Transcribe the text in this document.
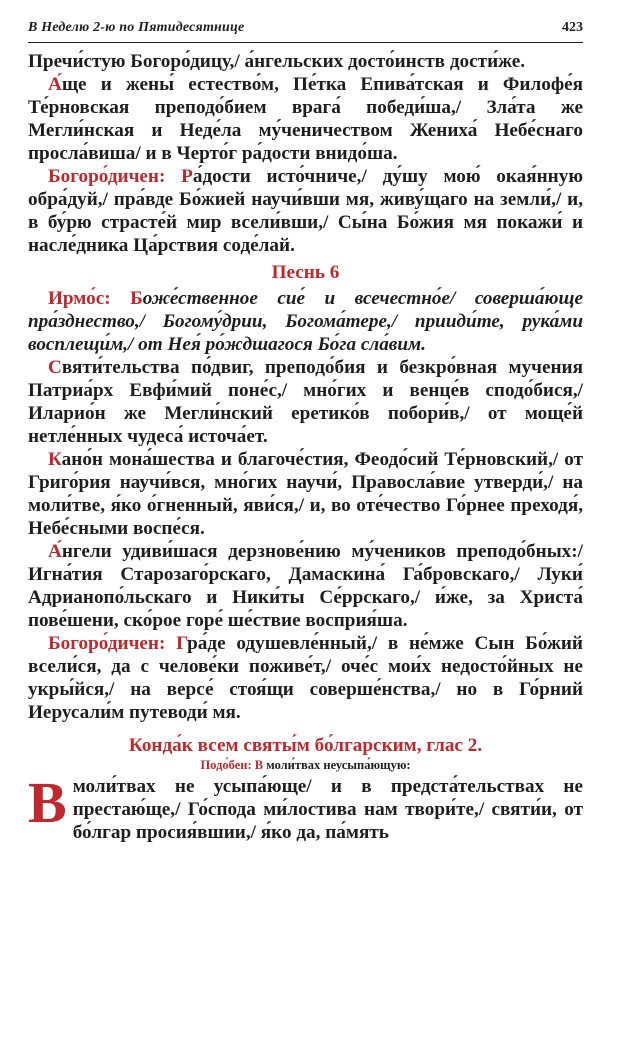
В Неделю 2-ю по Пятидесятнице	423

Пречи́стую Богоро́дицу,/ а́нгельских досто́инств дости́же.

А́ще и жены́ естество́м, Пе́тка Епива́тская и Филофе́я Те́рновская преподо́бием врага́ победи́ша,/ Зла́та же Мегли́нская и Неде́ла му́ченичеством Жениха́ Небе́снаго просла́виша/ и в Черто́г ра́дости внидо́ша.

Богоро́дичен: Ра́дости исто́чниче,/ ду́шу мою́ окая́нную обра́дуй,/ пра́вде Бо́жией научи́вши мя, живу́щаго на земли́,/ и, в бу́рю страсте́й мир всели́вши,/ Сы́на Бо́жия мя покажи́ и насле́дника Ца́рствия соде́лай.

Песнь 6

Ирмо́с: Боже́ственное сие́ и всечестно́е/ соверша́юще пра́зднество,/ Богому́дрии, Богома́тере,/ прииди́те, рука́ми восплещи́м,/ от Нея́ ро́ждшагося Бо́га сла́вим.

Святи́тельства по́двиг, преподо́бия и безкро́вная мучения Патриа́рх Евфи́мий поне́с,/ мно́гих и венце́в сподо́бися,/ Иларио́н же Мегли́нский еретико́в побори́в,/ от моще́й нетле́нных чудеса́ источа́ет.

Кано́н мона́шества и благоче́стия, Феодо́сий Те́рновский,/ от Григо́рия научи́вся, мно́гих научи́, Правосла́вие утверди́,/ на моли́тве, я́ко о́гненный, яви́ся,/ и, во оте́чество Го́рнее преходя́, Небе́сными воспе́ся.

А́нгели удиви́шася дерзнове́нию му́чеников преподо́бных:/ Игна́тия Старозаго́рскаго, Дамаскина́ Га́бровскаго,/ Луки́ Адрианопо́льскаго и Ники́ты Се́ррскаго,/ и́же, за Христа́ пове́шени, ско́рое горе́ ше́ствие восприя́ша.

Богоро́дичен: Гра́де одушевле́нный,/ в не́мже Сын Бо́жий всели́ся, да с челове́ки поживе́т,/ оче́с мои́х недосто́йных не укры́йся,/ на версе́ стоя́щи соверше́нства,/ но в Го́рний Иерусали́м путеводи́ мя.

Конда́к всем святы́м бо́лгарским, глас 2.

Подо́бен: В моли́твах неусыпа́ющую:

Вмоли́твах не усыпа́юще/ и в предста́тельствах не престаю́ще,/ Го́спода ми́лостива нам твори́те,/ святи́и, от бо́лгар просия́вшии,/ я́ко да, па́мять
